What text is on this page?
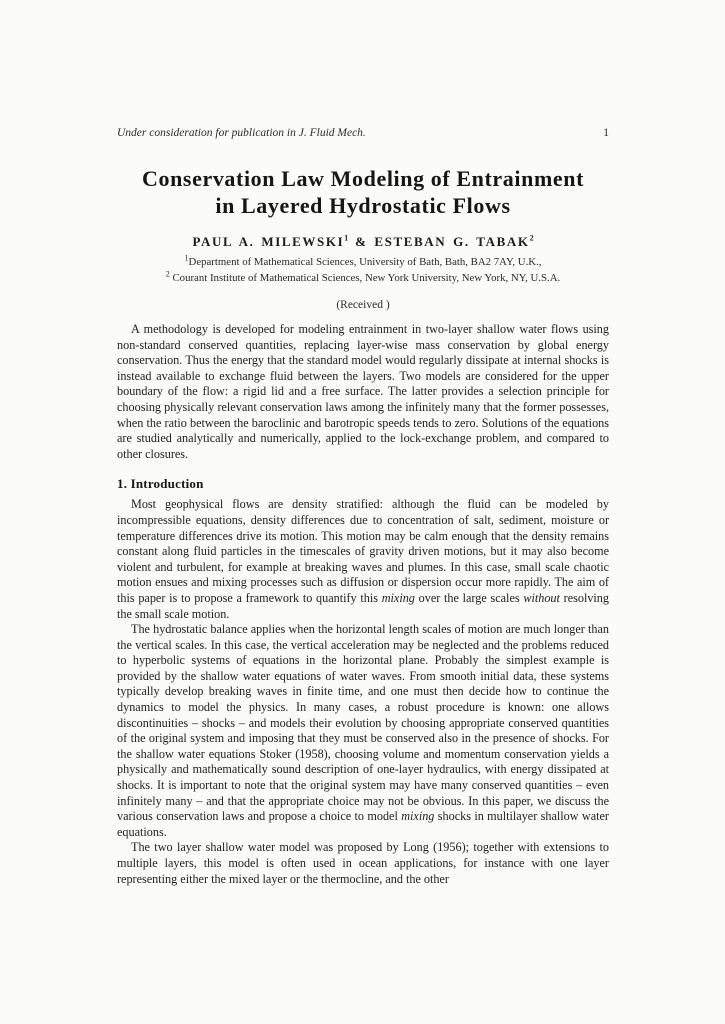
Under consideration for publication in J. Fluid Mech.	1
Conservation Law Modeling of Entrainment
in Layered Hydrostatic Flows
PAUL A. MILEWSKI$^1$ & ESTEBAN G. TABAK$^2$
$^1$Department of Mathematical Sciences, University of Bath, Bath, BA2 7AY, U.K.,
$^2$ Courant Institute of Mathematical Sciences, New York University, New York, NY, U.S.A.
(Received )

A methodology is developed for modeling entrainment in two-layer shallow water flows using non-standard conserved quantities, replacing layer-wise mass conservation by global energy conservation. Thus the energy that the standard model would regularly dissipate at internal shocks is instead available to exchange fluid between the layers. Two models are considered for the upper boundary of the flow: a rigid lid and a free surface. The latter provides a selection principle for choosing physically relevant conservation laws among the infinitely many that the former possesses, when the ratio between the baroclinic and barotropic speeds tends to zero. Solutions of the equations are studied analytically and numerically, applied to the lock-exchange problem, and compared to other closures.

1. Introduction

Most geophysical flows are density stratified: although the fluid can be modeled by incompressible equations, density differences due to concentration of salt, sediment, moisture or temperature differences drive its motion. This motion may be calm enough that the density remains constant along fluid particles in the timescales of gravity driven motions, but it may also become violent and turbulent, for example at breaking waves and plumes. In this case, small scale chaotic motion ensues and mixing processes such as diffusion or dispersion occur more rapidly. The aim of this paper is to propose a framework to quantify this mixing over the large scales without resolving the small scale motion.

The hydrostatic balance applies when the horizontal length scales of motion are much longer than the vertical scales. In this case, the vertical acceleration may be neglected and the problems reduced to hyperbolic systems of equations in the horizontal plane. Probably the simplest example is provided by the shallow water equations of water waves. From smooth initial data, these systems typically develop breaking waves in finite time, and one must then decide how to continue the dynamics to model the physics. In many cases, a robust procedure is known: one allows discontinuities – shocks – and models their evolution by choosing appropriate conserved quantities of the original system and imposing that they must be conserved also in the presence of shocks. For the shallow water equations Stoker (1958), choosing volume and momentum conservation yields a physically and mathematically sound description of one-layer hydraulics, with energy dissipated at shocks. It is important to note that the original system may have many conserved quantities – even infinitely many – and that the appropriate choice may not be obvious. In this paper, we discuss the various conservation laws and propose a choice to model mixing shocks in multilayer shallow water equations.

The two layer shallow water model was proposed by Long (1956); together with extensions to multiple layers, this model is often used in ocean applications, for instance with one layer representing either the mixed layer or the thermocline, and the other
